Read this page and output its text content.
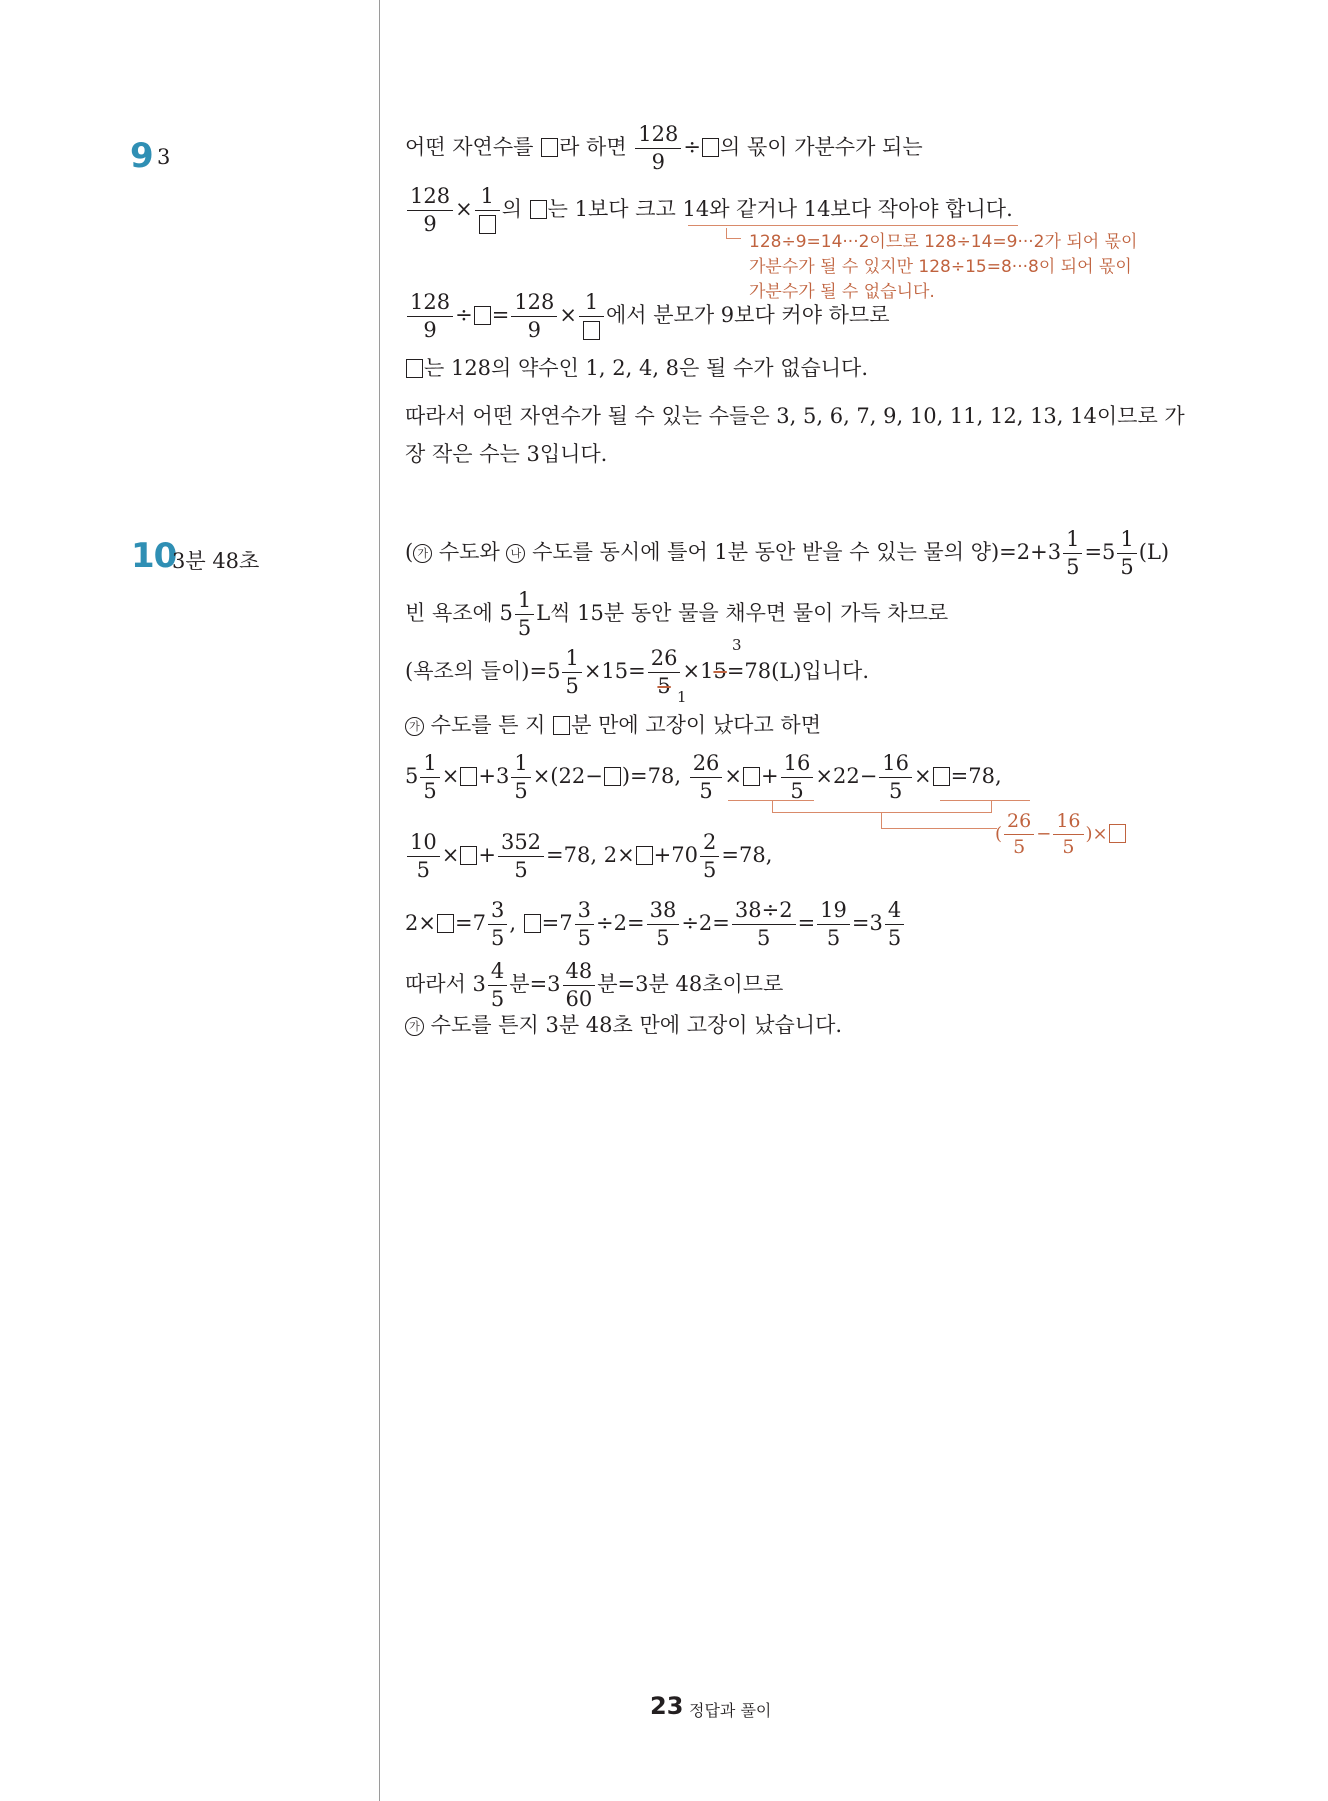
9 3	어떤 자연수를 라 하면 $\frac{128}{9}$ ÷ 의 몫이 가분수가 되는
$\frac{128}{9}$ ×
1
의 는 1보다 크고 14와 같거나 14보다 작아야 합니다.
128÷9=14···2이므로 128÷14=9···2가 되어 몫이
가분수가 될 수 있지만 128÷15=8···8이 되어 몫이
가분수가 될 수 없습니다.
$\frac{128}{9}$ ÷ = $\frac{128}{9}$ ×
1
에서 분모가 9보다 커야 하므로
는 128의 약수인 1, 2, 4, 8은 될 수가 없습니다.
따라서 어떤 자연수가 될 수 있는 수들은 3, 5, 6, 7, 9, 10, 11, 12, 13, 14이므로 가
장 작은 수는 3입니다.
10
3분 48초	( 가 수도와 나 수도를 동시에 틀어 1분 동안 받을 수 있는 물의 양)$=2+3 \frac{1}{5} =5 \frac{1}{5} (L)$
빈 욕조에 $5 \frac{1}{5}$ L씩 15분 동안 물을 채우면 물이 가득 차므로
(욕조의 들이)$=5 \frac{1}{5} \times 15= \frac{26}{5} \times 15=78(L)$입니다.
3
1
가 수도를 튼 지 분 만에 고장이 났다고 하면
$5 \frac{1}{5} \times +3 \frac{1}{5} \times(22- )=78$, $\frac{26}{5}$ × + $\frac{16}{5} \times 22- \frac{16}{5} \times =78$,
( $\frac{26}{5} - \frac{16}{5}$ )×
$\frac{10}{5}$ × + $\frac{352}{5} =78$, $2\times +70 \frac{2}{5} =78$,
$2\times =7 \frac{3}{5}$ , $=7 \frac{3}{5} \div 2= \frac{38}{5} \div 2= \frac{38\div 2}{5} = \frac{19}{5} =3 \frac{4}{5}$
따라서 $3 \frac{4}{5}$ 분$=3 \frac{48}{60}$ 분=3분 48초이므로
가 수도를 튼지 3분 48초 만에 고장이 났습니다.
23 정답과 풀이
